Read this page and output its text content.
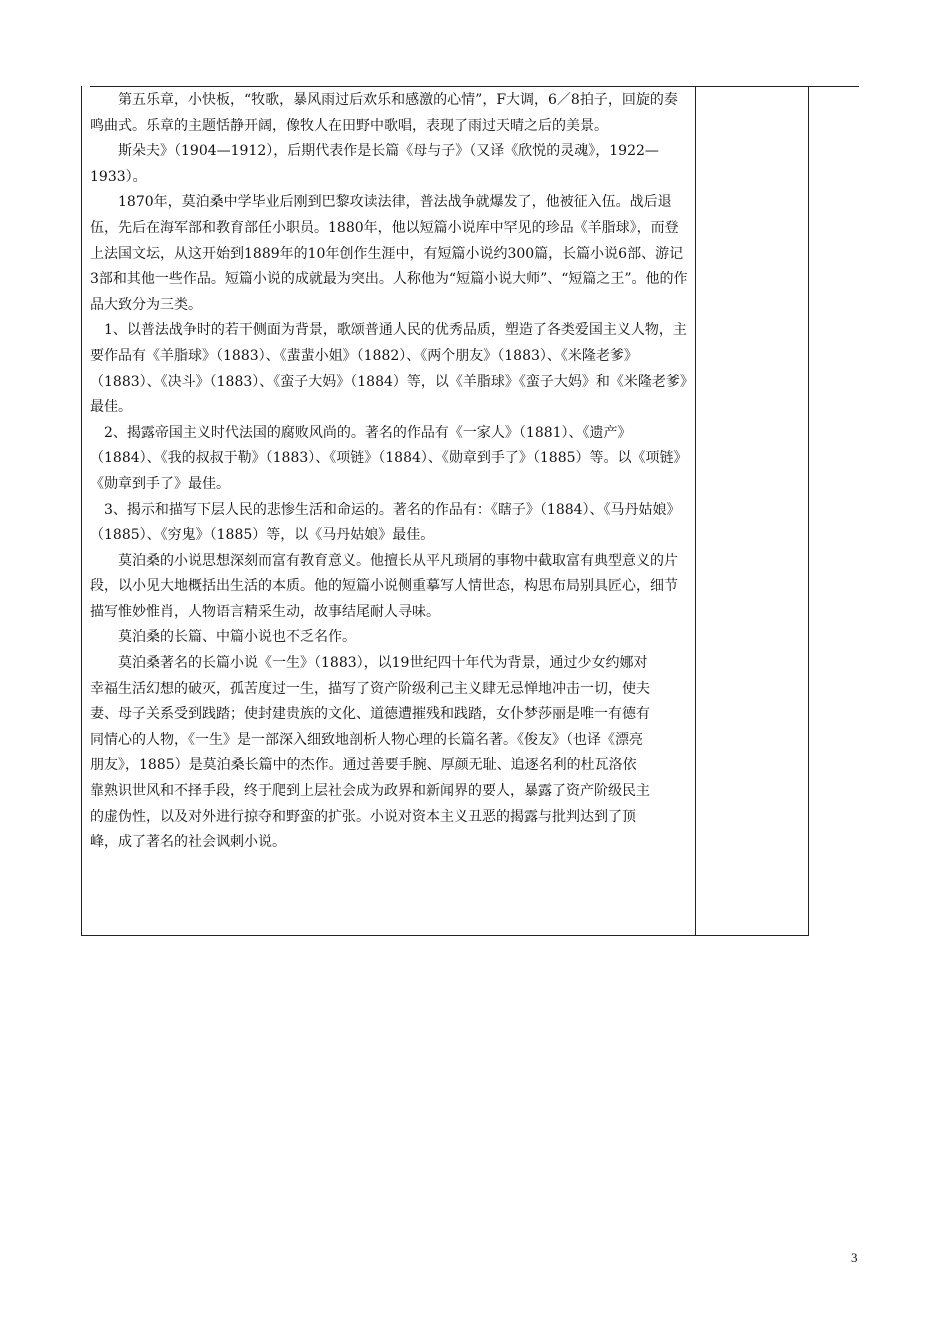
第五乐章，小快板，“牧歌，暴风雨过后欢乐和感激的心情”，F大调，6／8拍子，回旋的奏鸣曲式。乐章的主题恬静开阔，像牧人在田野中歌唱，表现了雨过天晴之后的美景。

斯朵夫》（1904—1912），后期代表作是长篇《母与子》（又译《欣悦的灵魂》，1922—1933）。

1870年，莫泊桑中学毕业后刚到巴黎攻读法律，普法战争就爆发了，他被征入伍。战后退伍，先后在海军部和教育部任小职员。1880年，他以短篇小说库中罕见的珍品《羊脂球》，而登上法国文坛，从这开始到1889年的10年创作生涯中，有短篇小说约300篇，长篇小说6部、游记3部和其他一些作品。短篇小说的成就最为突出。人称他为“短篇小说大师”、“短篇之王”。他的作品大致分为三类。

1、以普法战争时的若干侧面为背景，歌颂普通人民的优秀品质，塑造了各类爱国主义人物，主要作品有《羊脂球》（1883）、《蜚蜚小姐》（1882）、《两个朋友》（1883）、《米隆老爹》（1883）、《决斗》（1883）、《蛮子大妈》（1884）等，以《羊脂球》《蛮子大妈》和《米隆老爹》最佳。

2、揭露帝国主义时代法国的腐败风尚的。著名的作品有《一家人》（1881）、《遗产》（1884）、《我的叔叔于勒》（1883）、《项链》（1884）、《勋章到手了》（1885）等。以《项链》《勋章到手了》最佳。

3、揭示和描写下层人民的悲惨生活和命运的。著名的作品有：《瞎子》（1884）、《马丹姑娘》（1885）、《穷鬼》（1885）等，以《马丹姑娘》最佳。

莫泊桑的小说思想深刻而富有教育意义。他擅长从平凡琐屑的事物中截取富有典型意义的片段，以小见大地概括出生活的本质。他的短篇小说侧重摹写人情世态，构思布局别具匠心，细节描写惟妙惟肖，人物语言精采生动，故事结尾耐人寻味。

莫泊桑的长篇、中篇小说也不乏名作。

莫泊桑著名的长篇小说《一生》（1883），以19世纪四十年代为背景，通过少女约娜对幸福生活幻想的破灭，孤苦度过一生，描写了资产阶级利己主义肆无忌惮地冲击一切，使夫妻、母子关系受到践踏；使封建贵族的文化、道德遭摧残和践踏，女仆梦莎丽是唯一有德有同情心的人物，《一生》是一部深入细致地剖析人物心理的长篇名著。《俊友》（也译《漂亮朋友》，1885）是莫泊桑长篇中的杰作。通过善要手腕、厚颜无耻、追逐名利的杜瓦洛依靠熟识世风和不择手段，终于爬到上层社会成为政界和新闻界的要人，暴露了资产阶级民主的虚伪性，以及对外进行掠夺和野蛮的扩张。小说对资本主义丑恶的揭露与批判达到了顶峰，成了著名的社会讽刺小说。

3
